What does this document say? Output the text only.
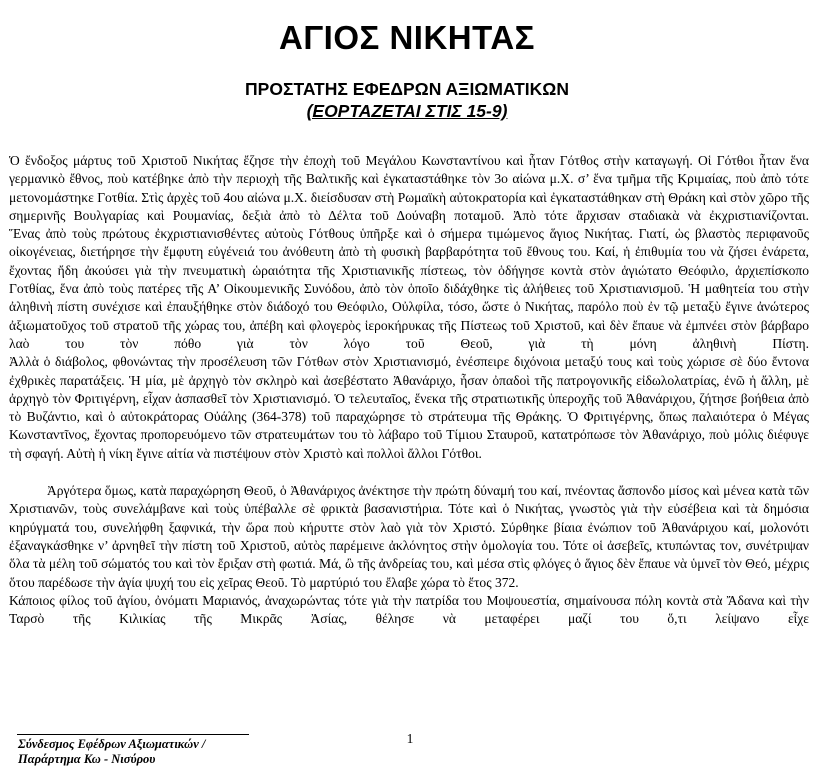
ΑΓΙΟΣ ΝΙΚΗΤΑΣ
ΠΡΟΣΤΑΤΗΣ ΕΦΕΔΡΩΝ ΑΞΙΩΜΑΤΙΚΩΝ
(ΕΟΡΤΑΖΕΤΑΙ ΣΤΙΣ 15-9)

Ὁ ἔνδοξος μάρτυς τοῦ Χριστοῦ Νικήτας ἔζησε τὴν ἐποχὴ τοῦ Μεγάλου Κωνσταντίνου καὶ ἦταν Γότθος στὴν καταγωγή. Οἱ Γότθοι ἦταν ἕνα γερμανικὸ ἔθνος, ποὺ κατέβηκε ἀπὸ τὴν περιοχὴ τῆς Βαλτικῆς καὶ ἐγκαταστάθηκε τὸν 3ο αἰώνα μ.Χ. σ’ ἕνα τμῆμα τῆς Κριμαίας, ποὺ ἀπὸ τότε μετονομάστηκε Γοτθία. Στὶς ἀρχὲς τοῦ 4ου αἰώνα μ.Χ. διείσδυσαν στὴ Ρωμαϊκὴ αὐτοκρατορία καὶ ἐγκαταστάθηκαν στὴ Θράκη καὶ στὸν χῶρο τῆς σημερινῆς Βουλγαρίας καὶ Ρουμανίας, δεξιὰ ἀπὸ τὸ Δέλτα τοῦ Δούναβη ποταμοῦ. Ἀπὸ τότε ἄρχισαν σταδιακὰ νὰ ἐκχριστιανίζονται.

Ἕνας ἀπὸ τοὺς πρώτους ἐκχριστιανισθέντες αὐτοὺς Γότθους ὑπῆρξε καὶ ὁ σήμερα τιμώμενος ἅγιος Νικήτας. Γιατί, ὡς βλαστὸς περιφανοῦς οἰκογένειας, διετήρησε τὴν ἔμφυτη εὐγένειά του ἀνόθευτη ἀπὸ τὴ φυσικὴ βαρβαρότητα τοῦ ἔθνους του. Καί, ἡ ἐπιθυμία του νὰ ζήσει ἐνάρετα, ἔχοντας ἤδη ἀκούσει γιὰ τὴν πνευματικὴ ὡραιότητα τῆς Χριστιανικῆς πίστεως, τὸν ὁδήγησε κοντὰ στὸν ἁγιώτατο Θεόφιλο, ἀρχιεπίσκοπο Γοτθίας, ἕνα ἀπὸ τοὺς πατέρες τῆς Α’ Οἰκουμενικῆς Συνόδου, ἀπὸ τὸν ὁποῖο διδάχθηκε τὶς ἀλήθειες τοῦ Χριστιανισμοῦ. Ἡ μαθητεία του στὴν ἀληθινὴ πίστη συνέχισε καὶ ἐπαυξήθηκε στὸν διάδοχό του Θεόφιλο, Οὐλφίλα, τόσο, ὥστε ὁ Νικήτας, παρόλο ποὺ ἐν τῷ μεταξὺ ἔγινε ἀνώτερος ἀξιωματοῦχος τοῦ στρατοῦ τῆς χώρας του, ἀπέβη καὶ φλογερὸς ἱεροκήρυκας τῆς Πίστεως τοῦ Χριστοῦ, καὶ δὲν ἔπαυε νὰ ἐμπνέει στὸν βάρβαρο λαὸ του τὸν πόθο γιὰ τὸν λόγο τοῦ Θεοῦ, γιὰ τὴ μόνη ἀληθινὴ Πίστη.

Ἀλλὰ ὁ διάβολος, φθονώντας τὴν προσέλευση τῶν Γότθων στὸν Χριστιανισμό, ἐνέσπειρε διχόνοια μεταξύ τους καὶ τοὺς χώρισε σὲ δύο ἔντονα ἐχθρικὲς παρατάξεις. Ἡ μία, μὲ ἀρχηγὸ τὸν σκληρὸ καὶ ἀσεβέστατο Ἀθανάριχο, ἦσαν ὀπαδοὶ τῆς πατρογονικῆς εἰδωλολατρίας, ἐνῶ ἡ ἄλλη, μὲ ἀρχηγὸ τὸν Φριτιγέρνη, εἶχαν ἀσπασθεῖ τὸν Χριστιανισμό. Ὁ τελευταῖος, ἕνεκα τῆς στρατιωτικῆς ὑπεροχῆς τοῦ Ἀθανάριχου, ζήτησε βοήθεια ἀπὸ τὸ Βυζάντιο, καὶ ὁ αὐτοκράτορας Οὐάλης (364-378) τοῦ παραχώρησε τὸ στράτευμα τῆς Θράκης. Ὁ Φριτιγέρνης, ὅπως παλαιότερα ὁ Μέγας Κωνσταντῖνος, ἔχοντας προπορευόμενο τῶν στρατευμάτων του τὸ λάβαρο τοῦ Τίμιου Σταυροῦ, κατατρόπωσε τὸν Ἀθανάριχο, ποὺ μόλις διέφυγε τὴ σφαγή. Αὐτὴ ἡ νίκη ἔγινε αἰτία νὰ πιστέψουν στὸν Χριστὸ καὶ πολλοὶ ἄλλοι Γότθοι.

Ἀργότερα ὅμως, κατὰ παραχώρηση Θεοῦ, ὁ Ἀθανάριχος ἀνέκτησε τὴν πρώτη δύναμή του καί, πνέοντας ἄσπονδο μίσος καὶ μένεα κατὰ τῶν Χριστιανῶν, τοὺς συνελάμβανε καὶ τοὺς ὑπέβαλλε σὲ φρικτὰ βασανιστήρια. Τότε καὶ ὁ Νικήτας, γνωστὸς γιὰ τὴν εὐσέβεια καὶ τὰ δημόσια κηρύγματά του, συνελήφθη ξαφνικά, τὴν ὥρα ποὺ κήρυττε στὸν λαὸ γιὰ τὸν Χριστό. Σύρθηκε βίαια ἐνώπιον τοῦ Ἀθανάριχου καί, μολονότι ἐξαναγκάσθηκε ν’ ἀρνηθεῖ τὴν πίστη τοῦ Χριστοῦ, αὐτὸς παρέμεινε ἀκλόνητος στὴν ὁμολογία του. Τότε οἱ ἀσεβεῖς, κτυπώντας τον, συνέτριψαν ὅλα τὰ μέλη τοῦ σώματός του καὶ τὸν ἔριξαν στὴ φωτιά. Μά, ὢ τῆς ἀνδρείας του, καὶ μέσα στὶς φλόγες ὁ ἅγιος δὲν ἔπαυε νὰ ὑμνεῖ τὸν Θεό, μέχρις ὅτου παρέδωσε τὴν ἁγία ψυχή του εἰς χεῖρας Θεοῦ. Τὸ μαρτύριό του ἔλαβε χώρα τὸ ἔτος 372.

Κάποιος φίλος τοῦ ἁγίου, ὀνόματι Μαριανός, ἀναχωρώντας τότε γιὰ τὴν πατρίδα του Μοψουεστία, σημαίνουσα πόλη κοντὰ στὰ Ἄδανα καὶ τὴν Ταρσὸ τῆς Κιλικίας τῆς Μικρᾶς Ἀσίας, θέλησε νὰ μεταφέρει μαζί του ὅ,τι λείψανο εἶχε

Σύνδεσμος Εφέδρων Αξιωματικών /
Παράρτημα Κω - Νισύρου
1
